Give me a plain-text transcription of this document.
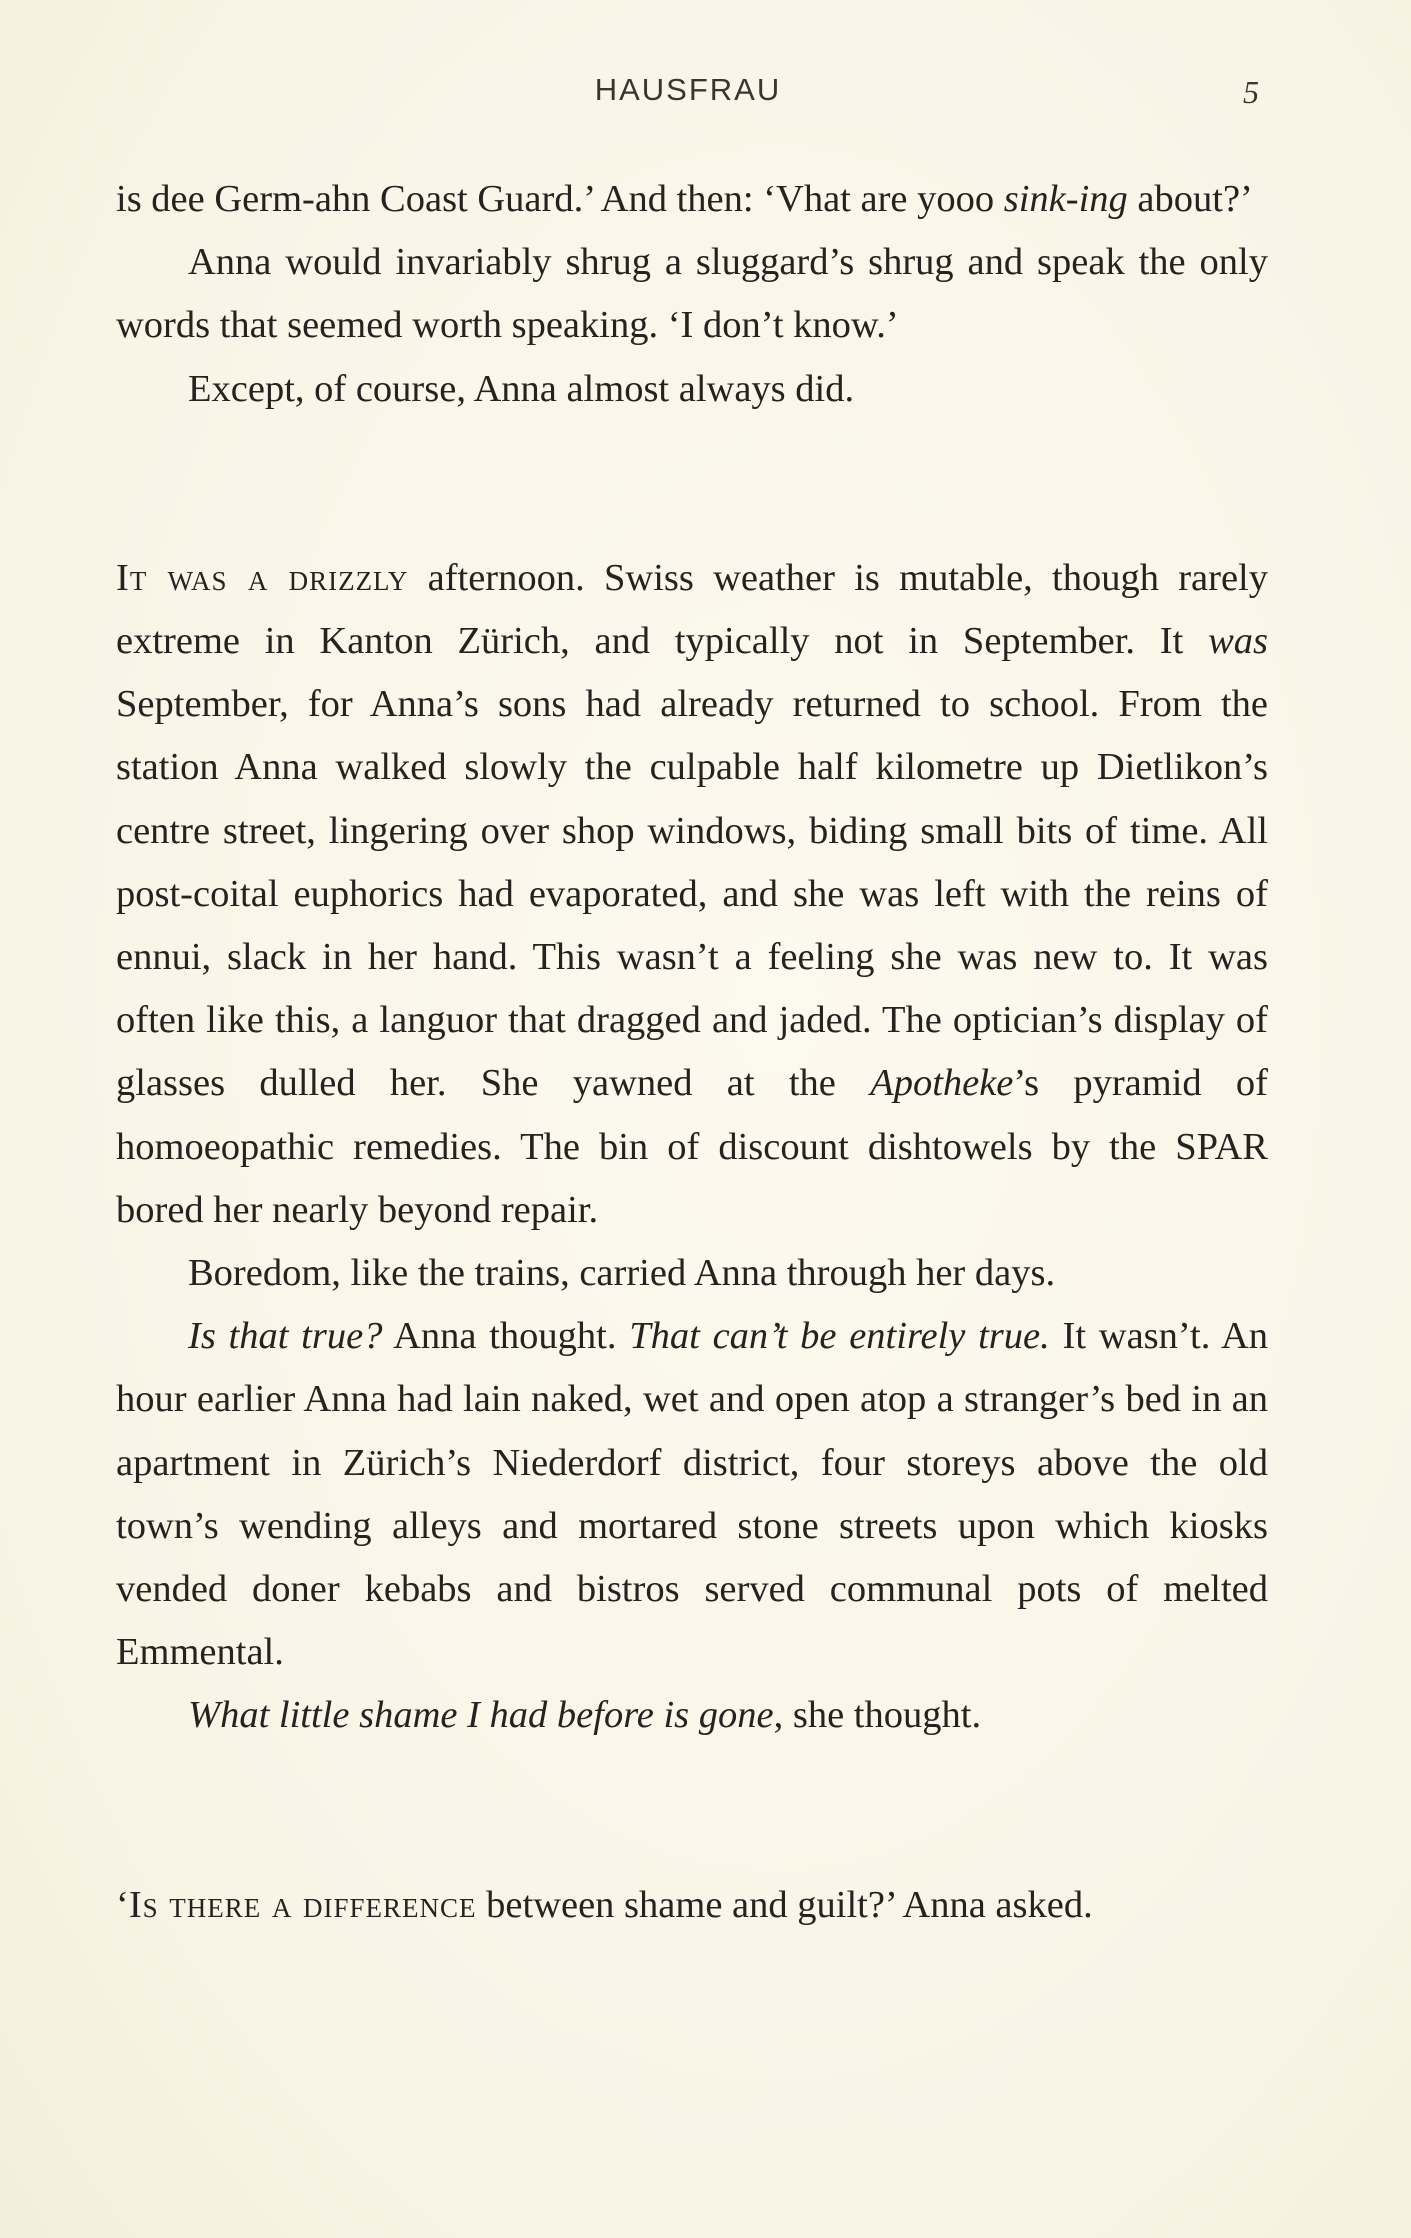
HAUSFRAU	5

is dee Germ-ahn Coast Guard.’ And then: ‘Vhat are yooo sink-ing about?’

Anna would invariably shrug a sluggard’s shrug and speak the only words that seemed worth speaking. ‘I don’t know.’

Except, of course, Anna almost always did.

It was a drizzly afternoon. Swiss weather is mutable, though rarely extreme in Kanton Zürich, and typically not in September. It was September, for Anna’s sons had already returned to school. From the station Anna walked slowly the culpable half kilometre up Dietlikon’s centre street, lingering over shop windows, biding small bits of time. All post-coital euphorics had evaporated, and she was left with the reins of ennui, slack in her hand. This wasn’t a feeling she was new to. It was often like this, a languor that dragged and jaded. The optician’s display of glasses dulled her. She yawned at the Apotheke’s pyramid of homoeopathic remedies. The bin of discount dishtowels by the SPAR bored her nearly beyond repair.

Boredom, like the trains, carried Anna through her days.

Is that true? Anna thought. That can’t be entirely true. It wasn’t. An hour earlier Anna had lain naked, wet and open atop a stranger’s bed in an apartment in Zürich’s Niederdorf district, four storeys above the old town’s wending alleys and mortared stone streets upon which kiosks vended doner kebabs and bistros served communal pots of melted Emmental.

What little shame I had before is gone, she thought.

‘Is there a difference between shame and guilt?’ Anna asked.
